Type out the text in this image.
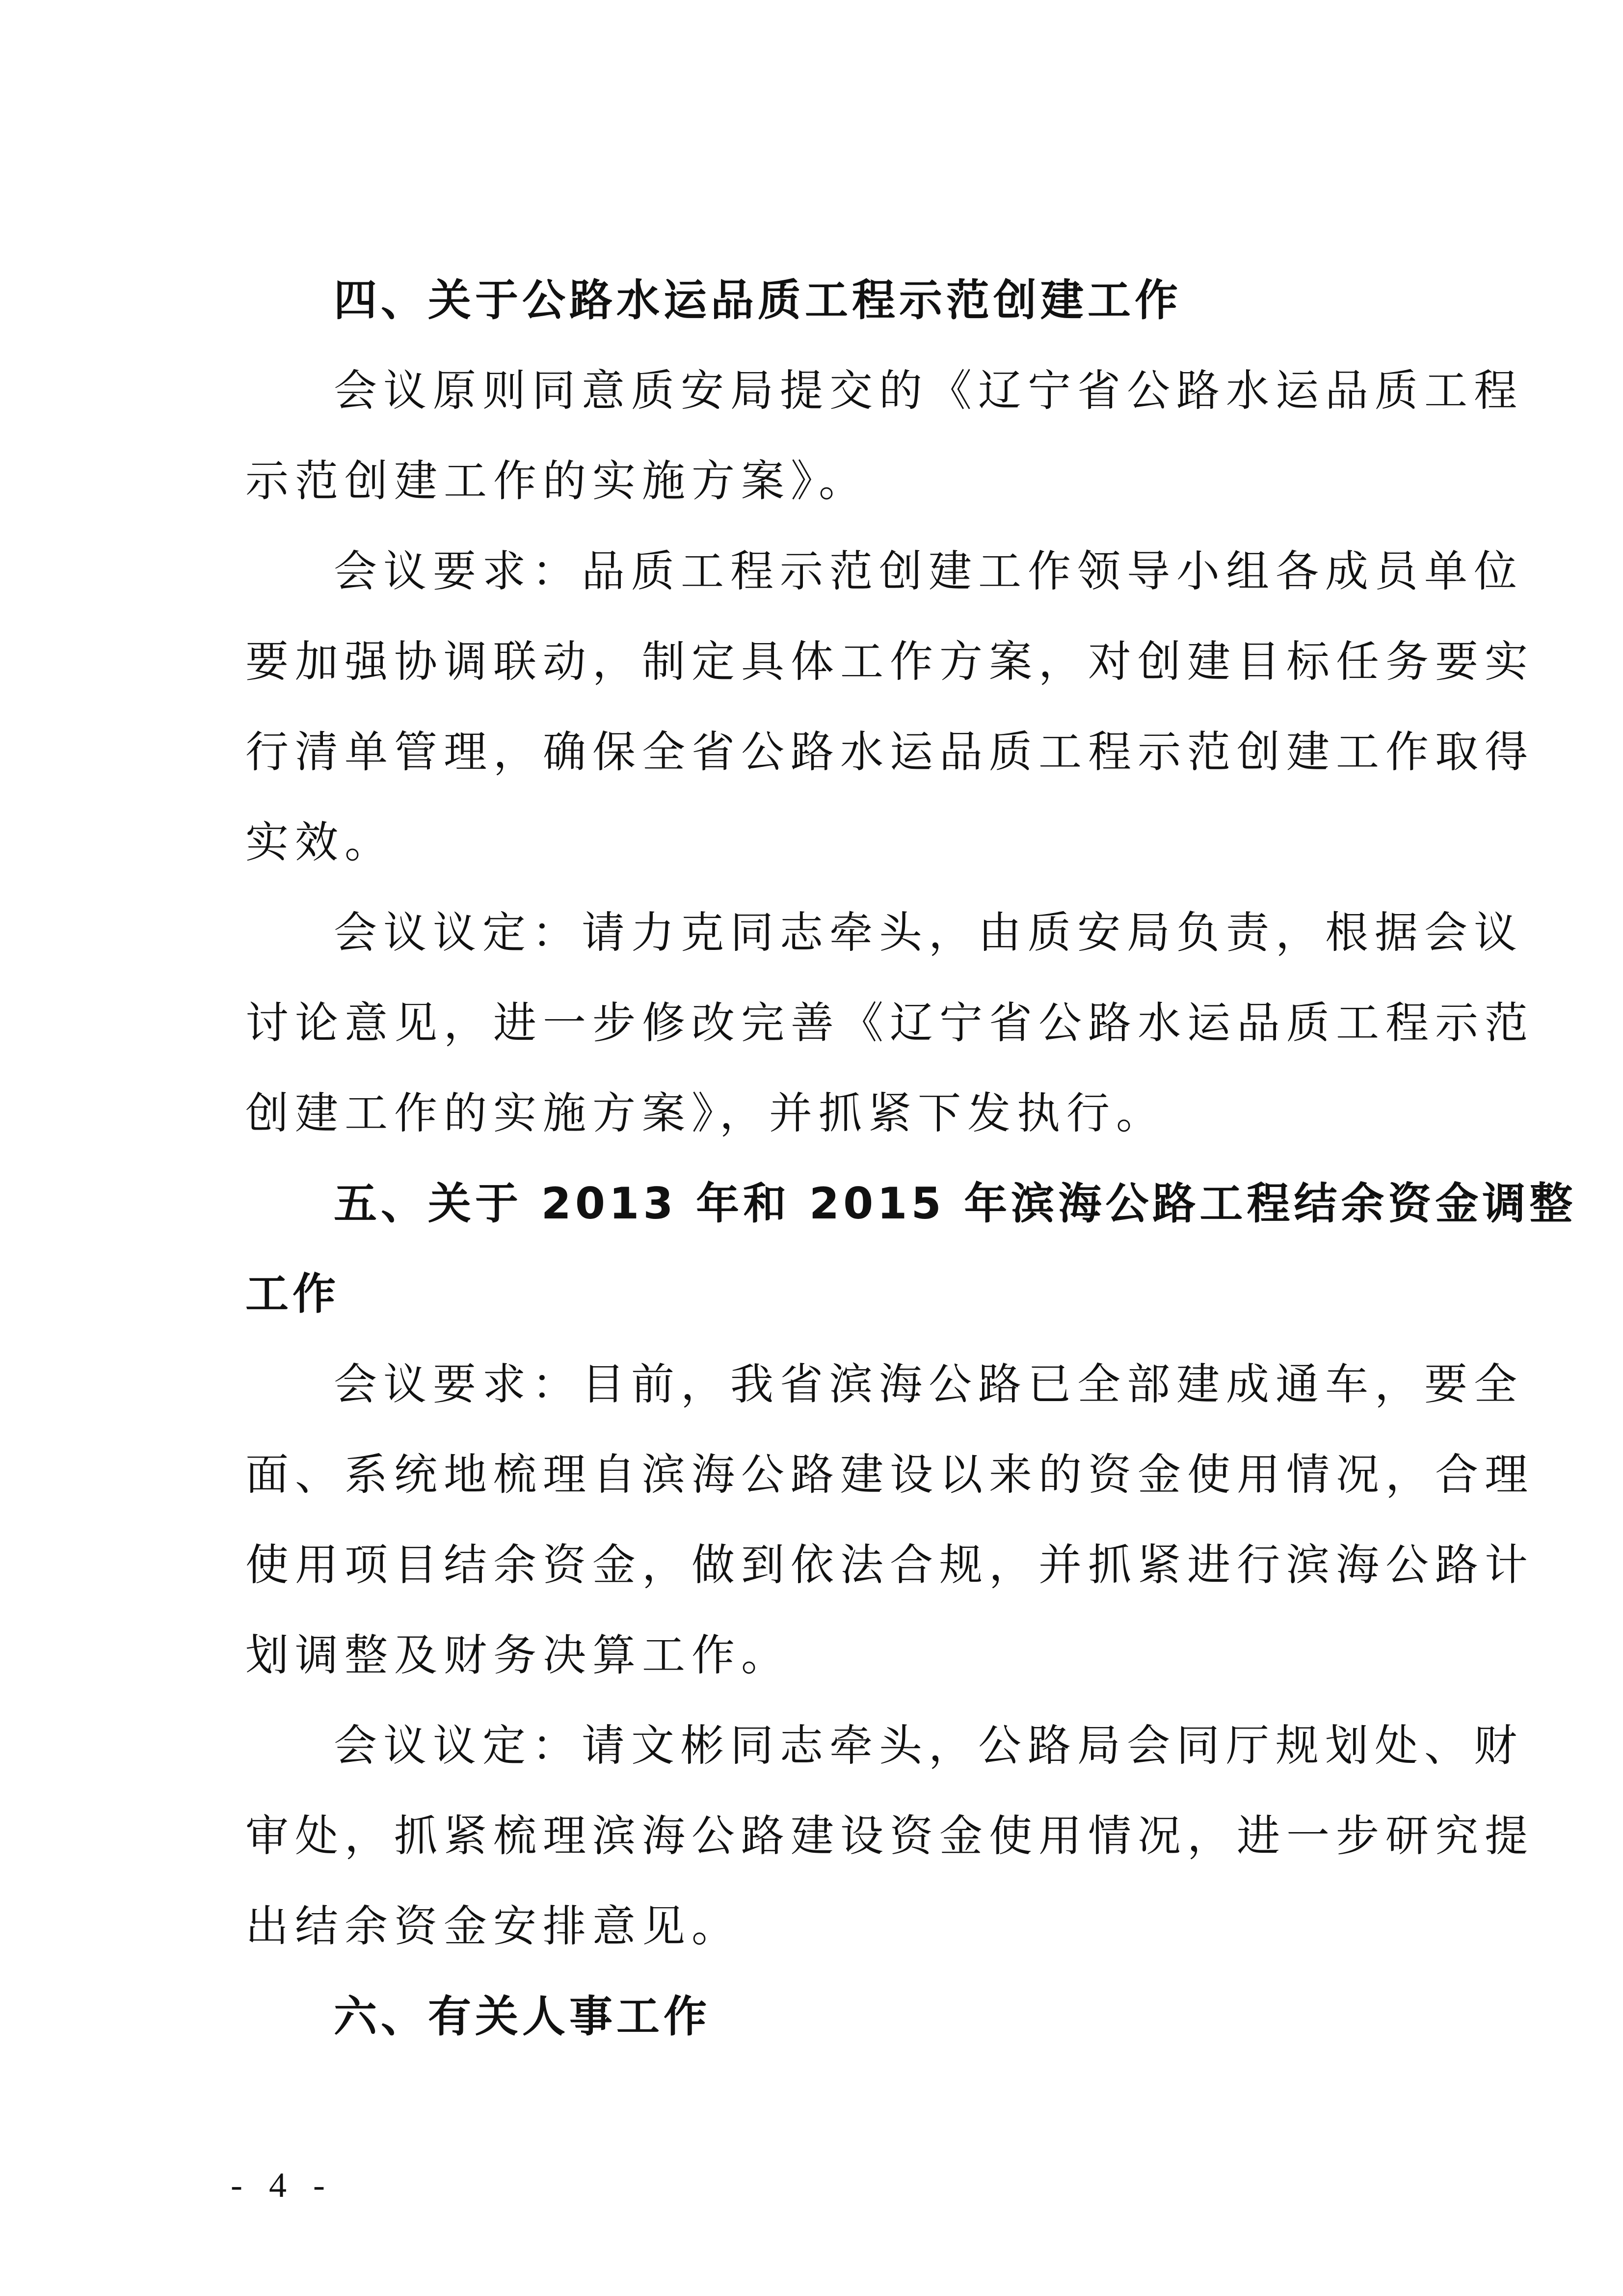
四、关于公路水运品质工程示范创建工作
会议原则同意质安局提交的《辽宁省公路水运品质工程
示范创建工作的实施方案》。
会议要求：品质工程示范创建工作领导小组各成员单位
要加强协调联动，制定具体工作方案，对创建目标任务要实
行清单管理，确保全省公路水运品质工程示范创建工作取得
实效。
会议议定：请力克同志牵头，由质安局负责，根据会议
讨论意见，进一步修改完善《辽宁省公路水运品质工程示范
创建工作的实施方案》，并抓紧下发执行。
五、关于 2013 年和 2015 年滨海公路工程结余资金调整
工作
会议要求：目前，我省滨海公路已全部建成通车，要全
面、系统地梳理自滨海公路建设以来的资金使用情况，合理
使用项目结余资金，做到依法合规，并抓紧进行滨海公路计
划调整及财务决算工作。
会议议定：请文彬同志牵头，公路局会同厅规划处、财
审处，抓紧梳理滨海公路建设资金使用情况，进一步研究提
出结余资金安排意见。
六、有关人事工作
- 4 -
